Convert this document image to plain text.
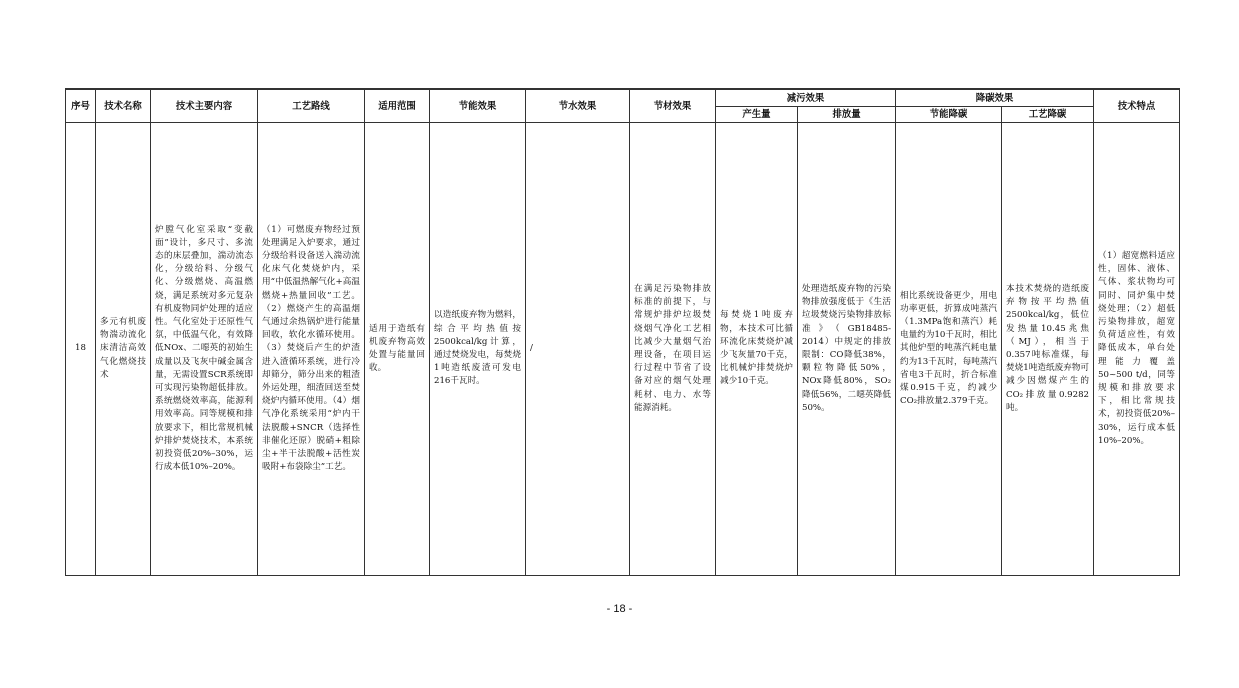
序号	技术名称	技术主要内容	工艺路线	适用范围	节能效果	节水效果	节材效果	减污效果		降碳效果		技术特点
								产生量	排放量	节能降碳	工艺降碳	
18	多元有机废物湍动流化床清洁高效气化燃烧技术	炉膛气化室采取“变截面”设计，多尺寸、多流态的床层叠加，湍动流态化，分级给料、分级气化、分级燃烧、高温燃烧，满足系统对多元复杂有机废物同炉处理的适应性。气化室处于还原性气氛，中低温气化，有效降低NOx、二噁英的初始生成量以及飞灰中碱金属含量，无需设置SCR系统即可实现污染物超低排放。系统燃烧效率高，能源利用效率高。同等规模和排放要求下，相比常规机械炉排炉焚烧技术，本系统初投资低20%–30%，运行成本低10%–20%。	（1）可燃废弃物经过预处理满足入炉要求，通过分级给料设备送入湍动流化床气化焚烧炉内，采用“中低温热解气化+高温燃烧+热量回收”工艺。（2）燃烧产生的高温烟气通过余热锅炉进行能量回收，软化水循环使用。（3）焚烧后产生的炉渣进入渣循环系统，进行冷却筛分，筛分出来的粗渣外运处理，细渣回送至焚烧炉内循环使用。（4）烟气净化系统采用“炉内干法脱酸+SNCR（选择性非催化还原）脱硝+粗除尘+半干法脱酸+活性炭吸附+布袋除尘”工艺。	适用于造纸有机废弃物高效处置与能量回收。	以造纸废弃物为燃料，综合平均热值按2500kcal/kg计算，通过焚烧发电，每焚烧1吨造纸废渣可发电216千瓦时。	/	在满足污染物排放标准的前提下，与常规炉排炉垃圾焚烧烟气净化工艺相比减少大量烟气治理设备，在项目运行过程中节省了设备对应的烟气处理耗材、电力、水等能源消耗。	每焚烧1吨废弃物，本技术可比循环流化床焚烧炉减少飞灰量70千克，比机械炉排焚烧炉减少10千克。	处理造纸废弃物的污染物排放强度低于《生活垃圾焚烧污染物排放标准》（GB18485-2014）中规定的排放限制：CO降低38%，颗粒物降低50%，NOx降低80%，SO₂降低56%，二噁英降低50%。	相比系统设备更少，用电功率更低，折算成吨蒸汽（1.3MPa饱和蒸汽）耗电量约为10千瓦时，相比其他炉型的吨蒸汽耗电量约为13千瓦时，每吨蒸汽省电3千瓦时，折合标准煤0.915千克，约减少CO₂排放量2.379千克。	本技术焚烧的造纸废弃物按平均热值2500kcal/kg，低位发热量10.45兆焦（MJ），相当于0.357吨标准煤，每焚烧1吨造纸废弃物可减少因燃煤产生的CO₂排放量0.9282吨。	（1）超宽燃料适应性，固体、液体、气体、浆状物均可同时、同炉集中焚烧处理；（2）超低污染物排放，超宽负荷适应性，有效降低成本，单台处理能力覆盖50~500 t/d，同等规模和排放要求下，相比常规技术，初投资低20%–30%，运行成本低10%–20%。
- 18 -
